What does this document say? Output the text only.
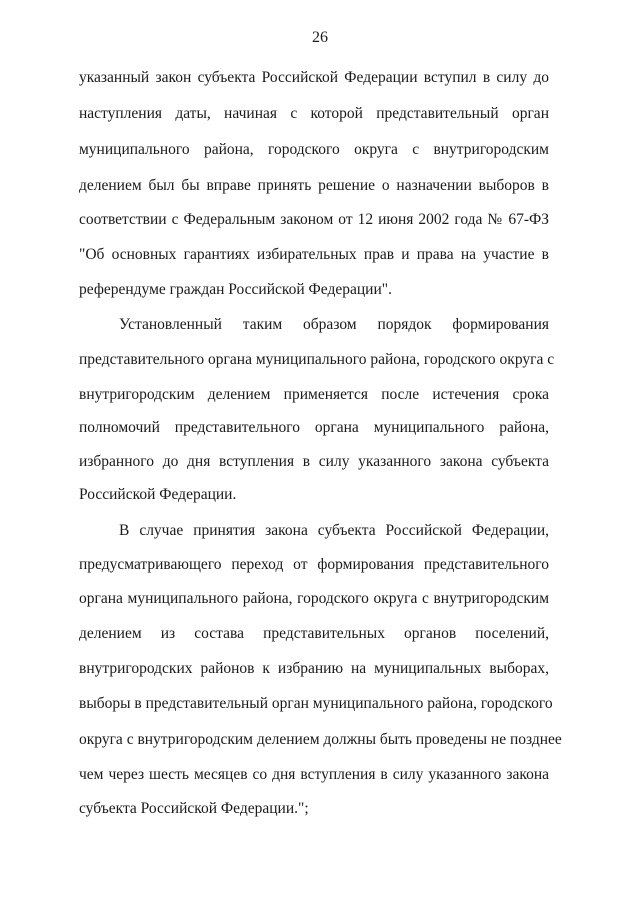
26
указанный закон субъекта Российской Федерации вступил в силу до
наступления даты, начиная с которой представительный орган
муниципального района, городского округа с внутригородским
делением был бы вправе принять решение о назначении выборов в
соответствии с Федеральным законом от 12 июня 2002 года № 67-ФЗ
"Об основных гарантиях избирательных прав и права на участие в
референдуме граждан Российской Федерации".
Установленный таким образом порядок формирования
представительного органа муниципального района, городского округа с
внутригородским делением применяется после истечения срока
полномочий представительного органа муниципального района,
избранного до дня вступления в силу указанного закона субъекта
Российской Федерации.
В случае принятия закона субъекта Российской Федерации,
предусматривающего переход от формирования представительного
органа муниципального района, городского округа с внутригородским
делением из состава представительных органов поселений,
внутригородских районов к избранию на муниципальных выборах,
выборы в представительный орган муниципального района, городского
округа с внутригородским делением должны быть проведены не позднее
чем через шесть месяцев со дня вступления в силу указанного закона
субъекта Российской Федерации.";
